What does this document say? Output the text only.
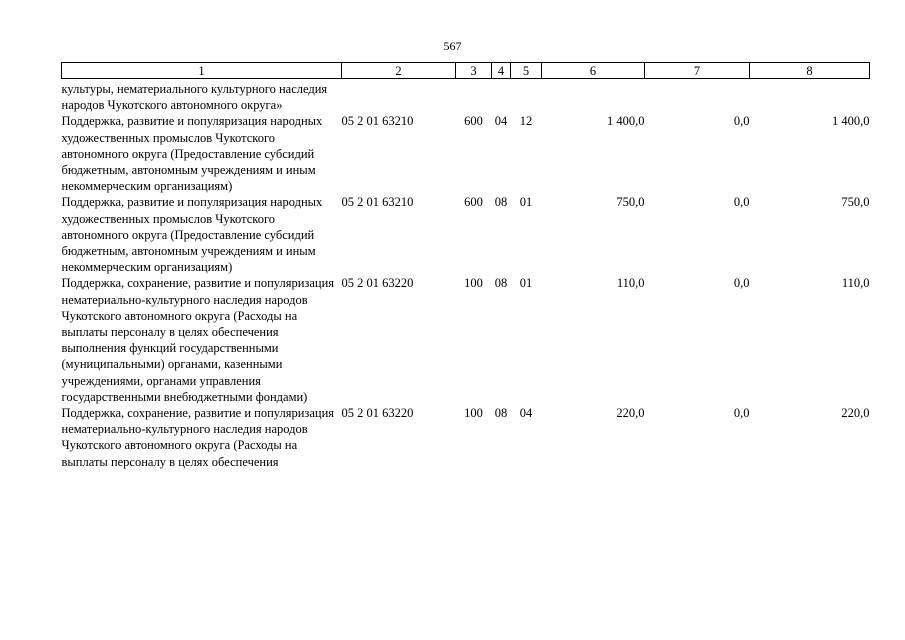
567
1	2	3	4	5	6	7	8
культуры, нематериального культурного наследия народов Чукотского автономного округа»							
Поддержка, развитие и популяризация народных художественных промыслов Чукотского автономного округа (Предоставление субсидий бюджетным, автономным учреждениям и иным некоммерческим организациям)	05 2 01 63210	600	04	12	1 400,0	0,0	1 400,0
Поддержка, развитие и популяризация народных художественных промыслов Чукотского автономного округа (Предоставление субсидий бюджетным, автономным учреждениям и иным некоммерческим организациям)	05 2 01 63210	600	08	01	750,0	0,0	750,0
Поддержка, сохранение, развитие и популяризация нематериально-культурного наследия народов Чукотского автономного округа (Расходы на выплаты персоналу в целях обеспечения выполнения функций государственными (муниципальными) органами, казенными учреждениями, органами управления государственными внебюджетными фондами)	05 2 01 63220	100	08	01	110,0	0,0	110,0
Поддержка, сохранение, развитие и популяризация нематериально-культурного наследия народов Чукотского автономного округа (Расходы на выплаты персоналу в целях обеспечения	05 2 01 63220	100	08	04	220,0	0,0	220,0
